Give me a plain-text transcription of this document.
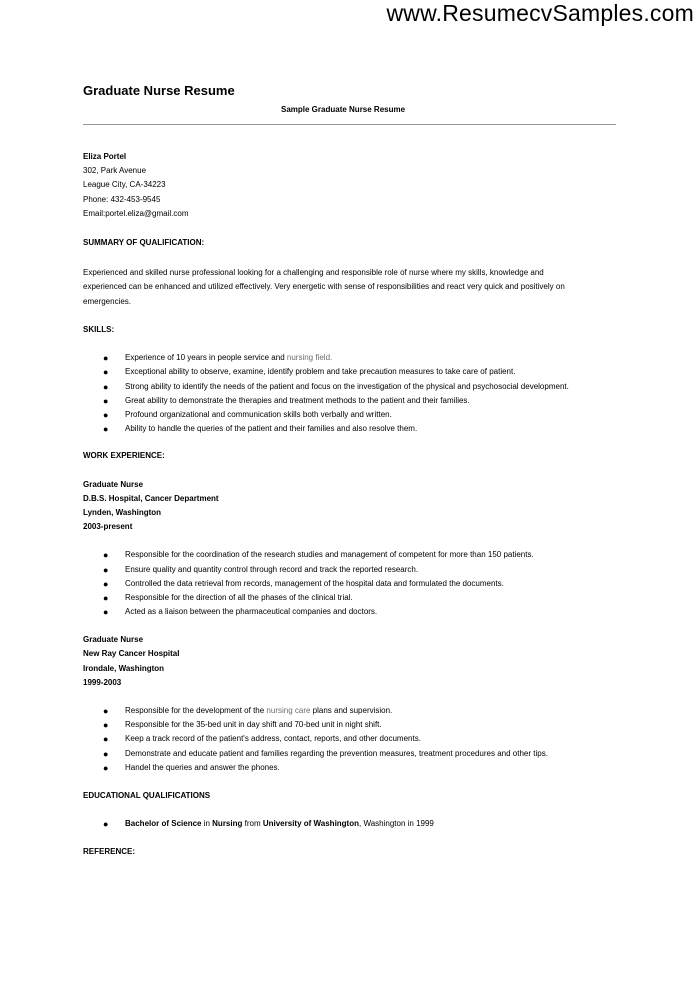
www.ResumecvSamples.com
Graduate Nurse Resume
Sample Graduate Nurse Resume
Eliza Portel
302, Park Avenue
League City, CA-34223
Phone: 432-453-9545
Email:portel.eliza@gmail.com
SUMMARY OF QUALIFICATION:
Experienced and skilled nurse professional looking for a challenging and responsible role of nurse where my skills, knowledge and
experienced can be enhanced and utilized effectively. Very energetic with sense of responsibilities and react very quick and positively on
emergencies.
SKILLS:
● Experience of 10 years in people service and nursing field.
● Exceptional ability to observe, examine, identify problem and take precaution measures to take care of patient.
● Strong ability to identify the needs of the patient and focus on the investigation of the physical and psychosocial development.
● Great ability to demonstrate the therapies and treatment methods to the patient and their families.
● Profound organizational and communication skills both verbally and written.
● Ability to handle the queries of the patient and their families and also resolve them.
WORK EXPERIENCE:
Graduate Nurse
D.B.S. Hospital, Cancer Department
Lynden, Washington
2003-present
● Responsible for the coordination of the research studies and management of competent for more than 150 patients.
● Ensure quality and quantity control through record and track the reported research.
● Controlled the data retrieval from records, management of the hospital data and formulated the documents.
● Responsible for the direction of all the phases of the clinical trial.
● Acted as a liaison between the pharmaceutical companies and doctors.
Graduate Nurse
New Ray Cancer Hospital
Irondale, Washington
1999-2003
● Responsible for the development of the nursing care plans and supervision.
● Responsible for the 35-bed unit in day shift and 70-bed unit in night shift.
● Keep a track record of the patient's address, contact, reports, and other documents.
● Demonstrate and educate patient and families regarding the prevention measures, treatment procedures and other tips.
● Handel the queries and answer the phones.
EDUCATIONAL QUALIFICATIONS
● Bachelor of Science in Nursing from University of Washington, Washington in 1999
REFERENCE:
